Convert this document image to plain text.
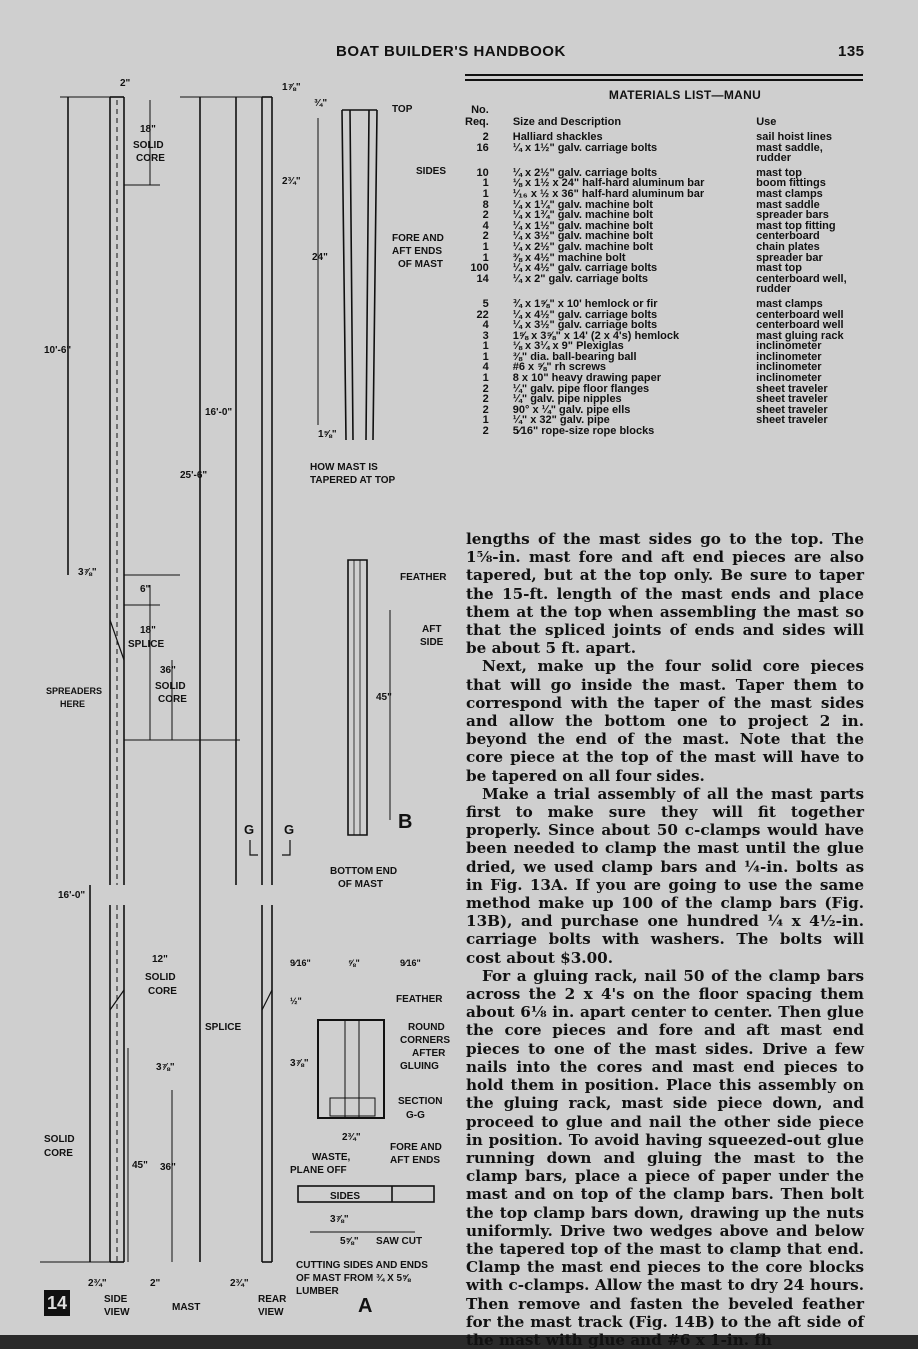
BOAT BUILDER'S HANDBOOK	135
MATERIALS LIST—MANU
No.
Req.	Size and Description	Use
2	Halliard shackles	sail hoist lines
16	¼ x 1½" galv. carriage bolts	mast saddle,
rudder
10	¼ x 2½" galv. carriage bolts	mast top
1	⅛ x 1½ x 24" half-hard aluminum bar	boom fittings
1	¹⁄₁₆ x ½ x 36" half-hard aluminum bar	mast clamps
8	¼ x 1¼" galv. machine bolt	mast saddle
2	¼ x 1¾" galv. machine bolt	spreader bars
4	¼ x 1½" galv. machine bolt	mast top fitting
2	¼ x 3½" galv. machine bolt	centerboard
1	¼ x 2½" galv. machine bolt	chain plates
1	⅜ x 4½" machine bolt	spreader bar
100	¼ x 4½" galv. carriage bolts	mast top
14	¼ x 2" galv. carriage bolts	centerboard well,
rudder
5	¾ x 1⅝" x 10' hemlock or fir	mast clamps
22	¼ x 4½" galv. carriage bolts	centerboard well
4	¼ x 3½" galv. carriage bolts	centerboard well
3	1⅝ x 3⅝" x 14' (2 x 4's) hemlock	mast gluing rack
1	⅛ x 3¼ x 9" Plexiglas	inclinometer
1	⅜" dia. ball-bearing ball	inclinometer
4	#6 x ⅝" rh screws	inclinometer
1	8 x 10" heavy drawing paper	inclinometer
2	¼" galv. pipe floor flanges	sheet traveler
2	¼" galv. pipe nipples	sheet traveler
2	90° x ¼" galv. pipe ells	sheet traveler
1	¼" x 32" galv. pipe	sheet traveler
2	5⁄16" rope-size rope blocks

lengths of the mast sides go to the top. The 1⅝-in. mast fore and aft end pieces are also tapered, but at the top only. Be sure to taper the 15-ft. length of the mast ends and place them at the top when assembling the mast so that the spliced joints of ends and sides will be about 5 ft. apart.

Next, make up the four solid core pieces that will go inside the mast. Taper them to correspond with the taper of the mast sides and allow the bottom one to project 2 in. beyond the end of the mast. Note that the core piece at the top of the mast will have to be tapered on all four sides.

Make a trial assembly of all the mast parts first to make sure they will fit together properly. Since about 50 c-clamps would have been needed to clamp the mast until the glue dried, we used clamp bars and ¼-in. bolts as in Fig. 13A. If you are going to use the same method make up 100 of the clamp bars (Fig. 13B), and purchase one hundred ¼ x 4½-in. carriage bolts with washers. The bolts will cost about $3.00.

For a gluing rack, nail 50 of the clamp bars across the 2 x 4's on the floor spacing them about 6⅛ in. apart center to center. Then glue the core pieces and fore and aft mast end pieces to one of the mast sides. Drive a few nails into the cores and mast end pieces to hold them in position. Place this assembly on the gluing rack, mast side piece down, and proceed to glue and nail the other side piece in position. To avoid having squeezed-out glue running down and gluing the mast to the clamp bars, place a piece of paper under the mast and on top of the clamp bars. Then bolt the top clamp bars down, drawing up the nuts uniformly. Drive two wedges above and below the tapered top of the mast to clamp that end. Clamp the mast end pieces to the core blocks with c-clamps. Allow the mast to dry 24 hours. Then remove and fasten the beveled feather for the mast track (Fig. 14B) to the aft side of the mast with glue and #6 x 1-in. fh

2"	1⅞"
18"
SOLID
CORE
2¾"
10'-6"
16'-0"
25'-6"
3⅞"
6"
18"
SPLICE
36"
SOLID
CORE
SPREADERS
HERE
16'-0"
12"
SOLID
CORE
SPLICE
3⅞"
SOLID
CORE
45" 36"
2¾"	2"
SIDE
VIEW	MAST
2¾"
REAR
VIEW
¾"
TOP
SIDES
FORE AND
AFT ENDS
OF MAST
24"
1⅝"
HOW MAST IS
TAPERED AT TOP
FEATHER
AFT
SIDE
45"
B
BOTTOM END
OF MAST
G G
9⁄16"	⅝"	9⁄16"
½"	FEATHER
ROUND
CORNERS
AFTER
GLUING
3⅞"
SECTION
G-G
2¾"
FORE AND
AFT ENDS
WASTE,
PLANE OFF
SIDES
3⅞"
5⅝" SAW CUT
CUTTING SIDES AND ENDS
OF MAST FROM ¾ X 5⅝
LUMBER
A
14
